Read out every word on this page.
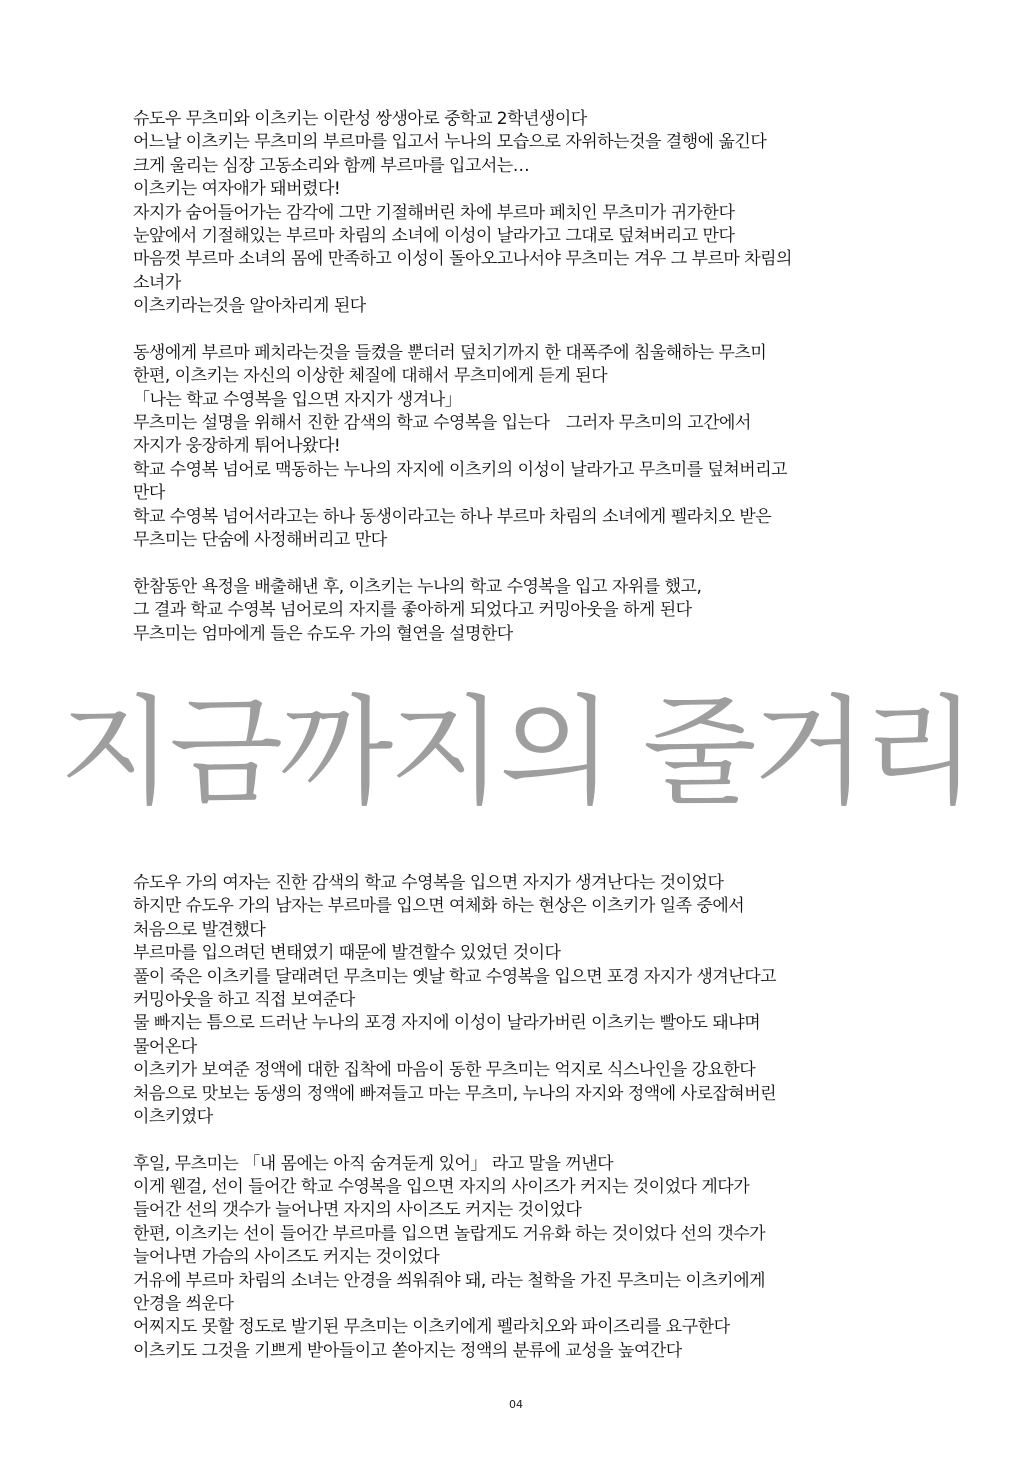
슈도우 무츠미와 이츠키는 이란성 쌍생아로 중학교 2학년생이다
어느날 이츠키는 무츠미의 부르마를 입고서 누나의 모습으로 자위하는것을 결행에 옮긴다
크게 울리는 심장 고동소리와 함께 부르마를 입고서는…
이츠키는 여자애가 돼버렸다!
자지가 숨어들어가는 감각에 그만 기절해버린 차에 부르마 페치인 무츠미가 귀가한다
눈앞에서 기절해있는 부르마 차림의 소녀에 이성이 날라가고 그대로 덮쳐버리고 만다
마음껏 부르마 소녀의 몸에 만족하고 이성이 돌아오고나서야 무츠미는 겨우 그 부르마 차림의
소녀가
이츠키라는것을 알아차리게 된다
동생에게 부르마 페치라는것을 들켰을 뿐더러 덮치기까지 한 대폭주에 침울해하는 무츠미
한편, 이츠키는 자신의 이상한 체질에 대해서 무츠미에게 듣게 된다
「나는 학교 수영복을 입으면 자지가 생겨나」
무츠미는 설명을 위해서 진한 감색의 학교 수영복을 입는다　그러자 무츠미의 고간에서
자지가 웅장하게 튀어나왔다!
학교 수영복 넘어로 맥동하는 누나의 자지에 이츠키의 이성이 날라가고 무츠미를 덮쳐버리고
만다
학교 수영복 넘어서라고는 하나 동생이라고는 하나 부르마 차림의 소녀에게 펠라치오 받은
무츠미는 단숨에 사정해버리고 만다
한참동안 욕정을 배출해낸 후, 이츠키는 누나의 학교 수영복을 입고 자위를 했고,
그 결과 학교 수영복 넘어로의 자지를 좋아하게 되었다고 커밍아웃을 하게 된다
무츠미는 엄마에게 들은 슈도우 가의 혈연을 설명한다
지금까지의 줄거리
슈도우 가의 여자는 진한 감색의 학교 수영복을 입으면 자지가 생겨난다는 것이었다
하지만 슈도우 가의 남자는 부르마를 입으면 여체화 하는 현상은 이츠키가 일족 중에서
처음으로 발견했다
부르마를 입으려던 변태였기 때문에 발견할수 있었던 것이다
풀이 죽은 이츠키를 달래려던 무츠미는 옛날 학교 수영복을 입으면 포경 자지가 생겨난다고
커밍아웃을 하고 직접 보여준다
물 빠지는 틈으로 드러난 누나의 포경 자지에 이성이 날라가버린 이츠키는 빨아도 돼냐며
물어온다
이츠키가 보여준 정액에 대한 집착에 마음이 동한 무츠미는 억지로 식스나인을 강요한다
처음으로 맛보는 동생의 정액에 빠져들고 마는 무츠미, 누나의 자지와 정액에 사로잡혀버린
이츠키였다
후일, 무츠미는 「내 몸에는 아직 숨겨둔게 있어」 라고 말을 꺼낸다
이게 웬걸, 선이 들어간 학교 수영복을 입으면 자지의 사이즈가 커지는 것이었다 게다가
들어간 선의 갯수가 늘어나면 자지의 사이즈도 커지는 것이었다
한편, 이츠키는 선이 들어간 부르마를 입으면 놀랍게도 거유화 하는 것이었다 선의 갯수가
늘어나면 가슴의 사이즈도 커지는 것이었다
거유에 부르마 차림의 소녀는 안경을 씌워줘야 돼, 라는 철학을 가진 무츠미는 이츠키에게
안경을 씌운다
어찌지도 못할 정도로 발기된 무츠미는 이츠키에게 펠라치오와 파이즈리를 요구한다
이츠키도 그것을 기쁘게 받아들이고 쏟아지는 정액의 분류에 교성을 높여간다
04
